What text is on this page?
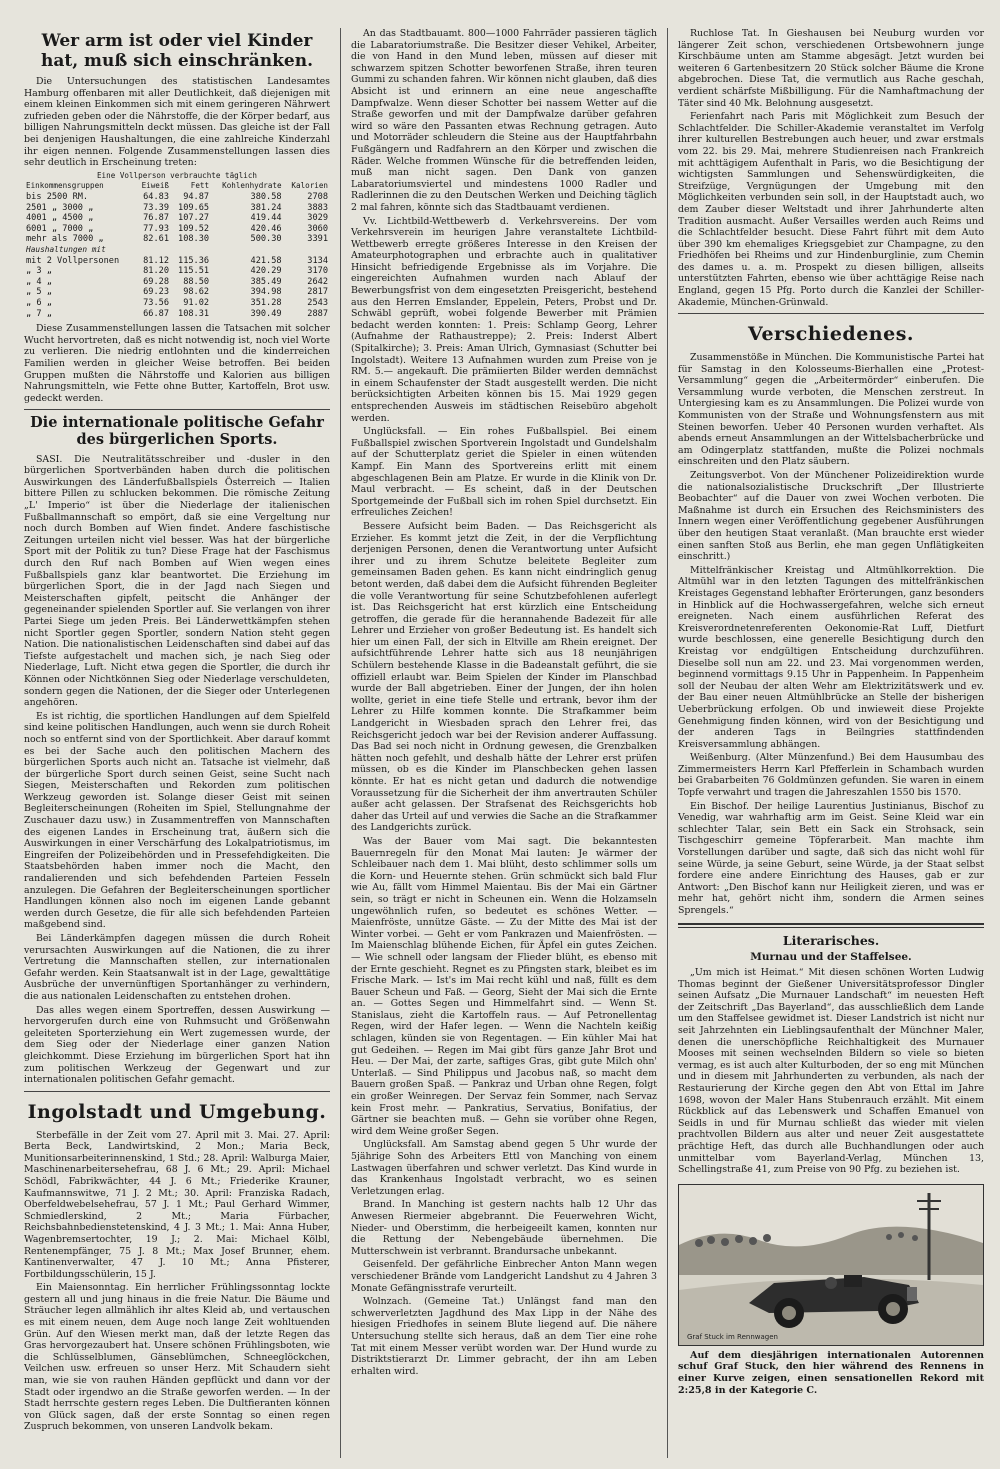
Wer arm ist oder viel Kinder hat, muß sich einschränken.

Die Untersuchungen des statistischen Landesamtes Hamburg offenbaren mit aller Deutlichkeit, daß diejenigen mit einem kleinen Einkommen sich mit einem geringeren Nährwert zufrieden geben oder die Nährstoffe, die der Körper bedarf, aus billigen Nahrungsmitteln deckt müssen. Das gleiche ist der Fall bei denjenigen Haushaltungen, die eine zahlreiche Kinderzahl ihr eigen nennen. Folgende Zusammenstellungen lassen dies sehr deutlich in Erscheinung treten:

Eine Vollperson verbrauchte täglich				
Einkommensgruppen	Eiweiß	Fett	Kohlenhydrate	Kalorien
bis 2500 RM.	64.83	94.87	380.58	2708
2501 „ 3000 „	73.39	109.65	381.24	3883
4001 „ 4500 „	76.87	107.27	419.44	3029
6001 „ 7000 „	77.93	109.52	420.46	3060
mehr als 7000 „	82.61	108.30	500.30	3391
Haushaltungen mit				
mit 2 Vollpersonen	81.12	115.36	421.58	3134
„ 3 „	81.20	115.51	420.29	3170
„ 4 „	69.28	88.50	385.49	2642
„ 5 „	69.23	98.62	394.98	2817
„ 6 „	73.56	91.02	351.28	2543
„ 7 „	66.87	108.31	390.49	2887

Diese Zusammenstellungen lassen die Tatsachen mit solcher Wucht hervortreten, daß es nicht notwendig ist, noch viel Worte zu verlieren. Die niedrig entlohnten und die kinderreichen Familien werden in gleicher Weise betroffen. Bei beiden Gruppen mußten die Nährstoffe und Kalorien aus billigen Nahrungsmitteln, wie Fette ohne Butter, Kartoffeln, Brot usw. gedeckt werden.

Die internationale politische Gefahr des bürgerlichen Sports.

SASI. Die Neutralitätsschreiber und -dusler in den bürgerlichen Sportverbänden haben durch die politischen Auswirkungen des Länderfußballspiels Österreich — Italien bittere Pillen zu schlucken bekommen. Die römische Zeitung „L' Imperio“ ist über die Niederlage der italienischen Fußballmannschaft so empört, daß sie eine Vergeltung nur noch durch Bomben auf Wien findet. Andere faschistische Zeitungen urteilen nicht viel besser. Was hat der bürgerliche Sport mit der Politik zu tun? Diese Frage hat der Faschismus durch den Ruf nach Bomben auf Wien wegen eines Fußballspiels ganz klar beantwortet. Die Erziehung im bürgerlichen Sport, die in der Jagd nach Siegen und Meisterschaften gipfelt, peitscht die Anhänger der gegeneinander spielenden Sportler auf. Sie verlangen von ihrer Partei Siege um jeden Preis. Bei Länderwettkämpfen stehen nicht Sportler gegen Sportler, sondern Nation steht gegen Nation. Die nationalistischen Leidenschaften sind dabei auf das Tiefste aufgestachelt und machen sich, je nach Sieg oder Niederlage, Luft. Nicht etwa gegen die Sportler, die durch ihr Können oder Nichtkönnen Sieg oder Niederlage verschuldeten, sondern gegen die Nationen, der die Sieger oder Unterlegenen angehören.

Es ist richtig, die sportlichen Handlungen auf dem Spielfeld sind keine politischen Handlungen, auch wenn sie durch Roheit noch so entfernt sind von der Sportlichkeit. Aber darauf kommt es bei der Sache auch den politischen Machern des bürgerlichen Sports auch nicht an. Tatsache ist vielmehr, daß der bürgerliche Sport durch seinen Geist, seine Sucht nach Siegen, Meisterschaften und Rekorden zum politischen Werkzeug geworden ist. Solange dieser Geist mit seinen Begleiterscheinungen (Roheiten im Spiel, Stellungnahme der Zuschauer dazu usw.) in Zusammentreffen von Mannschaften des eigenen Landes in Erscheinung trat, äußern sich die Auswirkungen in einer Verschärfung des Lokalpatriotismus, im Eingreifen der Polizeibehörden und in Pressefehdigkeiten. Die Staatsbehörden haben immer noch die Macht, den randalierenden und sich befehdenden Parteien Fesseln anzulegen. Die Gefahren der Begleiterscheinungen sportlicher Handlungen können also noch im eigenen Lande gebannt werden durch Gesetze, die für alle sich befehdenden Parteien maßgebend sind.

Bei Länderkämpfen dagegen müssen die durch Roheit verursachten Auswirkungen auf die Nationen, die zu ihrer Vertretung die Mannschaften stellen, zur internationalen Gefahr werden. Kein Staatsanwalt ist in der Lage, gewalttätige Ausbrüche der unvernünftigen Sportanhänger zu verhindern, die aus nationalen Leidenschaften zu entstehen drohen.

Das alles wegen einem Sportreffen, dessen Auswirkung — hervorgerufen durch eine von Ruhmsucht und Größenwahn geleiteten Sporterziehung ein Wert zugemessen wurde, der dem Sieg oder der Niederlage einer ganzen Nation gleichkommt. Diese Erziehung im bürgerlichen Sport hat ihn zum politischen Werkzeug der Gegenwart und zur internationalen politischen Gefahr gemacht.

Ingolstadt und Umgebung.

Sterbefälle in der Zeit vom 27. April mit 3. Mai. 27. April: Berta Beck, Landwirtskind, 2 Mon.; Maria Beck, Munitionsarbeiterinnenskind, 1 Std.; 28. April: Walburga Maier, Maschinenarbeitersehefrau, 68 J. 6 Mt.; 29. April: Michael Schödl, Fabrikwächter, 44 J. 6 Mt.; Friederike Krauner, Kaufmannswitwe, 71 J. 2 Mt.; 30. April: Franziska Radach, Oberfeldwebelsehefrau, 57 J. 1 Mt.; Paul Gerhard Wimmer, Schmiedlerskind, 2 Mt.; Maria Fürbacher, Reichsbahnbedienstetenskind, 4 J. 3 Mt.; 1. Mai: Anna Huber, Wagenbremsertochter, 19 J.; 2. Mai: Michael Kölbl, Rentenempfänger, 75 J. 8 Mt.; Max Josef Brunner, ehem. Kantinenverwalter, 47 J. 10 Mt.; Anna Pfisterer, Fortbildungsschülerin, 15 J.

Ein Maiensonntag. Ein herrlicher Frühlingssonntag lockte gestern all und jung hinaus in die freie Natur. Die Bäume und Sträucher legen allmählich ihr altes Kleid ab, und vertauschen es mit einem neuen, dem Auge noch lange Zeit wohltuenden Grün. Auf den Wiesen merkt man, daß der letzte Regen das Gras hervorgezaubert hat. Unsere schönen Frühlingsboten, wie die Schlüsselblumen, Gänseblümchen, Schneeglöckchen, Veilchen usw. erfreuen so unser Herz. Mit Schaudern sieht man, wie sie von rauhen Händen gepflückt und dann vor der Stadt oder irgendwo an die Straße geworfen werden. — In der Stadt herrschte gestern reges Leben. Die Dultfieranten können von Glück sagen, daß der erste Sonntag so einen regen Zuspruch bekommen, von unseren Landvolk bekam.

An das Stadtbauamt. 800—1000 Fahrräder passieren täglich die Labaratoriumstraße. Die Besitzer dieser Vehikel, Arbeiter, die von Hand in den Mund leben, müssen auf dieser mit schwarzem spitzen Schotter beworfenen Straße, ihren teuren Gummi zu schanden fahren. Wir können nicht glauben, daß dies Absicht ist und erinnern an eine neue angeschaffte Dampfwalze. Wenn dieser Schotter bei nassem Wetter auf die Straße geworfen und mit der Dampfwalze darüber gefahren wird so wäre den Passanten etwas Rechnung getragen. Auto und Motorräder schleudern die Steine aus der Hauptfahrbahn Fußgängern und Radfahrern an den Körper und zwischen die Räder. Welche frommen Wünsche für die betreffenden leiden, muß man nicht sagen. Den Dank von ganzen Labaratoriumsviertel und mindestens 1000 Radler und Radlerinnen die zu den Deutschen Werken und Deiching täglich 2 mal fahren, könnte sich das Stadtbauamt verdienen.

Vv. Lichtbild-Wettbewerb d. Verkehrsvereins. Der vom Verkehrsverein im heurigen Jahre veranstaltete Lichtbild-Wettbewerb erregte größeres Interesse in den Kreisen der Amateurphotographen und erbrachte auch in qualitativer Hinsicht befriedigende Ergebnisse als im Vorjahre. Die eingereichten Aufnahmen wurden nach Ablauf der Bewerbungsfrist von dem eingesetzten Preisgericht, bestehend aus den Herren Emslander, Eppelein, Peters, Probst und Dr. Schwäbl geprüft, wobei folgende Bewerber mit Prämien bedacht werden konnten: 1. Preis: Schlamp Georg, Lehrer (Aufnahme der Rathaustreppe); 2. Preis: Inderst Albert (Spitalkirche); 3. Preis: Aman Ulrich, Gymnasiast (Schutter bei Ingolstadt). Weitere 13 Aufnahmen wurden zum Preise von je RM. 5.— angekauft. Die prämiierten Bilder werden demnächst in einem Schaufenster der Stadt ausgestellt werden. Die nicht berücksichtigten Arbeiten können bis 15. Mai 1929 gegen entsprechenden Ausweis im städtischen Reisebüro abgeholt werden.

Unglücksfall. — Ein rohes Fußballspiel. Bei einem Fußballspiel zwischen Sportverein Ingolstadt und Gundelshalm auf der Schutterplatz geriet die Spieler in einen wütenden Kampf. Ein Mann des Sportvereins erlitt mit einem abgeschlagenen Bein am Platze. Er wurde in die Klinik von Dr. Maul verbracht. — Es scheint, daß in der Deutschen Sportgemeinde der Fußball sich im rohen Spiel durchsetzt. Ein erfreuliches Zeichen!

Bessere Aufsicht beim Baden. — Das Reichsgericht als Erzieher. Es kommt jetzt die Zeit, in der die Verpflichtung derjenigen Personen, denen die Verantwortung unter Aufsicht ihrer und zu ihrem Schutze beleitete Begleiter zum gemeinsamen Baden gehen. Es kann nicht eindringlich genug betont werden, daß dabei dem die Aufsicht führenden Begleiter die volle Verantwortung für seine Schutzbefohlenen auferlegt ist. Das Reichsgericht hat erst kürzlich eine Entscheidung getroffen, die gerade für die herannahende Badezeit für alle Lehrer und Erzieher von großer Bedeutung ist. Es handelt sich hier um einen Fall, der sich in Eltville am Rhein ereignet. Der aufsichtführende Lehrer hatte sich aus 18 neunjährigen Schülern bestehende Klasse in die Badeanstalt geführt, die sie offiziell erlaubt war. Beim Spielen der Kinder im Planschbad wurde der Ball abgetrieben. Einer der Jungen, der ihn holen wollte, geriet in eine tiefe Stelle und ertrank, bevor ihm der Lehrer zu Hilfe kommen konnte. Die Strafkammer beim Landgericht in Wiesbaden sprach den Lehrer frei, das Reichsgericht jedoch war bei der Revision anderer Auffassung. Das Bad sei noch nicht in Ordnung gewesen, die Grenzbalken hätten noch gefehlt, und deshalb hätte der Lehrer erst prüfen müssen, ob es die Kinder im Planschbecken gehen lassen könnte. Er hat es nicht getan und dadurch die notwendige Voraussetzung für die Sicherheit der ihm anvertrauten Schüler außer acht gelassen. Der Strafsenat des Reichsgerichts hob daher das Urteil auf und verwies die Sache an die Strafkammer des Landgerichts zurück.

Was der Bauer vom Mai sagt. Die bekanntesten Bauernregeln für den Monat Mai lauten: Je wärmer der Schleibauer nach dem 1. Mai blüht, desto schlimmer solls um die Korn- und Heuernte stehen. Grün schmückt sich bald Flur wie Au, fällt vom Himmel Maientau. Bis der Mai ein Gärtner sein, so trägt er nicht in Scheunen ein. Wenn die Holzamseln ungewöhnlich rufen, so bedeutet es schönes Wetter. — Maienfröste, unnütze Gäste. — Zu der Mitte des Mai ist der Winter vorbei. — Geht er vom Pankrazen und Maienfrösten. — Im Maienschlag blühende Eichen, für Äpfel ein gutes Zeichen. — Wie schnell oder langsam der Flieder blüht, es ebenso mit der Ernte geschieht. Regnet es zu Pfingsten stark, bleibet es im Frische Mark. — Ist's im Mai recht kühl und naß, füllt es dem Bauer Scheun und Faß. — Georg, Sieht der Mai sich die Ernte an. — Gottes Segen und Himmelfahrt sind. — Wenn St. Stanislaus, zieht die Kartoffeln raus. — Auf Petronellentag Regen, wird der Hafer legen. — Wenn die Nachteln keißig schlagen, künden sie von Regentagen. — Ein kühler Mai hat gut Gedeihen. — Regen im Mai gibt fürs ganze Jahr Brot und Heu. — Der Mai, der zarte, saftiges Gras, gibt gute Milch ohn' Unterlaß. — Sind Philippus und Jacobus naß, so macht dem Bauern großen Spaß. — Pankraz und Urban ohne Regen, folgt ein großer Weinregen. Der Servaz fein Sommer, nach Servaz kein Frost mehr. — Pankratius, Servatius, Bonifatius, der Gärtner sie beachten muß. — Gehn sie vorüber ohne Regen, wird dem Weine großer Segen.

Unglücksfall. Am Samstag abend gegen 5 Uhr wurde der 5jährige Sohn des Arbeiters Ettl von Manching von einem Lastwagen überfahren und schwer verletzt. Das Kind wurde in das Krankenhaus Ingolstadt verbracht, wo es seinen Verletzungen erlag.

Brand. In Manching ist gestern nachts halb 12 Uhr das Anwesen Riermeier abgebrannt. Die Feuerwehren Wicht, Nieder- und Oberstimm, die herbeigeeilt kamen, konnten nur die Rettung der Nebengebäude übernehmen. Die Mutterschwein ist verbrannt. Brandursache unbekannt.

Geisenfeld. Der gefährliche Einbrecher Anton Mann wegen verschiedener Brände vom Landgericht Landshut zu 4 Jahren 3 Monate Gefängnisstrafe verurteilt.

Wolnzach. (Gemeine Tat.) Unlängst fand man den schwerverletzten Jagdhund des Max Lipp in der Nähe des hiesigen Friedhofes in seinem Blute liegend auf. Die nähere Untersuchung stellte sich heraus, daß an dem Tier eine rohe Tat mit einem Messer verübt worden war. Der Hund wurde zu Distriktstierarzt Dr. Limmer gebracht, der ihn am Leben erhalten wird.

Ruchlose Tat. In Gieshausen bei Neuburg wurden vor längerer Zeit schon, verschiedenen Ortsbewohnern junge Kirschbäume unten am Stamme abgesägt. Jetzt wurden bei weiteren 6 Gartenbesitzern 20 Stück solcher Bäume die Krone abgebrochen. Diese Tat, die vermutlich aus Rache geschah, verdient schärfste Mißbilligung. Für die Namhaftmachung der Täter sind 40 Mk. Belohnung ausgesetzt.

Ferienfahrt nach Paris mit Möglichkeit zum Besuch der Schlachtfelder. Die Schiller-Akademie veranstaltet im Verfolg ihrer kulturellen Bestrebungen auch heuer, und zwar erstmals vom 22. bis 29. Mai, mehrere Studienreisen nach Frankreich mit achttägigem Aufenthalt in Paris, wo die Besichtigung der wichtigsten Sammlungen und Sehenswürdigkeiten, die Streifzüge, Vergnügungen der Umgebung mit den Möglichkeiten verbunden sein soll, in der Hauptstadt auch, wo dem Zauber dieser Weltstadt und ihrer Jahrhunderte alten Tradition ausmacht. Außer Versailles werden auch Reims und die Schlachtfelder besucht. Diese Fahrt führt mit dem Auto über 390 km ehemaliges Kriegsgebiet zur Champagne, zu den Friedhöfen bei Rheims und zur Hindenburglinie, zum Chemin des dames u. a. m. Prospekt zu diesen billigen, allseits unterstützten Fahrten, ebenso wie über achttägige Reise nach England, gegen 15 Pfg. Porto durch die Kanzlei der Schiller-Akademie, München-Grünwald.

Verschiedenes.

Zusammenstöße in München. Die Kommunistische Partei hat für Samstag in den Kolosseums-Bierhallen eine „Protest-Versammlung“ gegen die „Arbeitermörder“ einberufen. Die Versammlung wurde verboten, die Menschen zerstreut. In Untergiesing kam es zu Ansammlungen. Die Polizei wurde von Kommunisten von der Straße und Wohnungsfenstern aus mit Steinen beworfen. Ueber 40 Personen wurden verhaftet. Als abends erneut Ansammlungen an der Wittelsbacherbrücke und am Odingerplatz stattfanden, mußte die Polizei nochmals einschreiten und den Platz säubern.

Zeitungsverbot. Von der Münchener Polizeidirektion wurde die nationalsozialistische Druckschrift „Der Illustrierte Beobachter“ auf die Dauer von zwei Wochen verboten. Die Maßnahme ist durch ein Ersuchen des Reichsministers des Innern wegen einer Veröffentlichung gegebener Ausführungen über den heutigen Staat veranlaßt. (Man brauchte erst wieder einen sanften Stoß aus Berlin, ehe man gegen Unflätigkeiten einschritt.)

Mittelfränkischer Kreistag und Altmühlkorrektion. Die Altmühl war in den letzten Tagungen des mittelfränkischen Kreistages Gegenstand lebhafter Erörterungen, ganz besonders in Hinblick auf die Hochwassergefahren, welche sich erneut ereigneten. Nach einem ausführlichen Referat des Kreisverordnetenreferenten Oekonomie-Rat Luff, Dietfurt wurde beschlossen, eine generelle Besichtigung durch den Kreistag vor endgültigen Entscheidung durchzuführen. Dieselbe soll nun am 22. und 23. Mai vorgenommen werden, beginnend vormittags 9.15 Uhr in Pappenheim. In Pappenheim soll der Neubau der alten Wehr am Elektrizitätswerk und ev. der Bau einer neuen Altmühlbrücke an Stelle der bisherigen Ueberbrückung erfolgen. Ob und inwieweit diese Projekte Genehmigung finden können, wird von der Besichtigung und der anderen Tags in Beilngries stattfindenden Kreisversammlung abhängen.

Weißenburg. (Alter Münzenfund.) Bei dem Hausumbau des Zimmermeisters Herrn Karl Pfefferlein in Schambach wurden bei Grabarbeiten 76 Goldmünzen gefunden. Sie waren in einem Topfe verwahrt und tragen die Jahreszahlen 1550 bis 1570.

Ein Bischof. Der heilige Laurentius Justinianus, Bischof zu Venedig, war wahrhaftig arm im Geist. Seine Kleid war ein schlechter Talar, sein Bett ein Sack ein Strohsack, sein Tischgeschirr gemeine Töpferarbeit. Man machte ihm Vorstellungen darüber und sagte, daß sich das nicht wohl für seine Würde, ja seine Geburt, seine Würde, ja der Staat selbst fordere eine andere Einrichtung des Hauses, gab er zur Antwort: „Den Bischof kann nur Heiligkeit zieren, und was er mehr hat, gehört nicht ihm, sondern die Armen seines Sprengels.“

Literarisches.
Murnau und der Staffelsee.

„Um mich ist Heimat.“ Mit diesen schönen Worten Ludwig Thomas beginnt der Gießener Universitätsprofessor Dingler seinen Aufsatz „Die Murnauer Landschaft“ im neuesten Heft der Zeitschrift „Das Bayerland“, das ausschließlich dem Lande um den Staffelsee gewidmet ist. Dieser Landstrich ist nicht nur seit Jahrzehnten ein Lieblingsaufenthalt der Münchner Maler, denen die unerschöpfliche Reichhaltigkeit des Murnauer Mooses mit seinen wechselnden Bildern so viele so bieten vermag, es ist auch alter Kulturboden, der so eng mit München und in diesem mit Jahrhunderten zu verbunden, als nach der Restaurierung der Kirche gegen den Abt von Ettal im Jahre 1698, wovon der Maler Hans Stubenrauch erzählt. Mit einem Rückblick auf das Lebenswerk und Schaffen Emanuel von Seidls in und für Murnau schließt das wieder mit vielen prachtvollen Bildern aus alter und neuer Zeit ausgestattete prächtige Heft, das durch alle Buchhandlungen oder auch unmittelbar vom Bayerland-Verlag, München 13, Schellingstraße 41, zum Preise von 90 Pfg. zu beziehen ist.

Graf Stuck im Rennwagen

Auf dem diesjährigen internationalen Autorennen schuf Graf Stuck, den hier während des Rennens in einer Kurve zeigen, einen sensationellen Rekord mit 2:25,8 in der Kategorie C.
